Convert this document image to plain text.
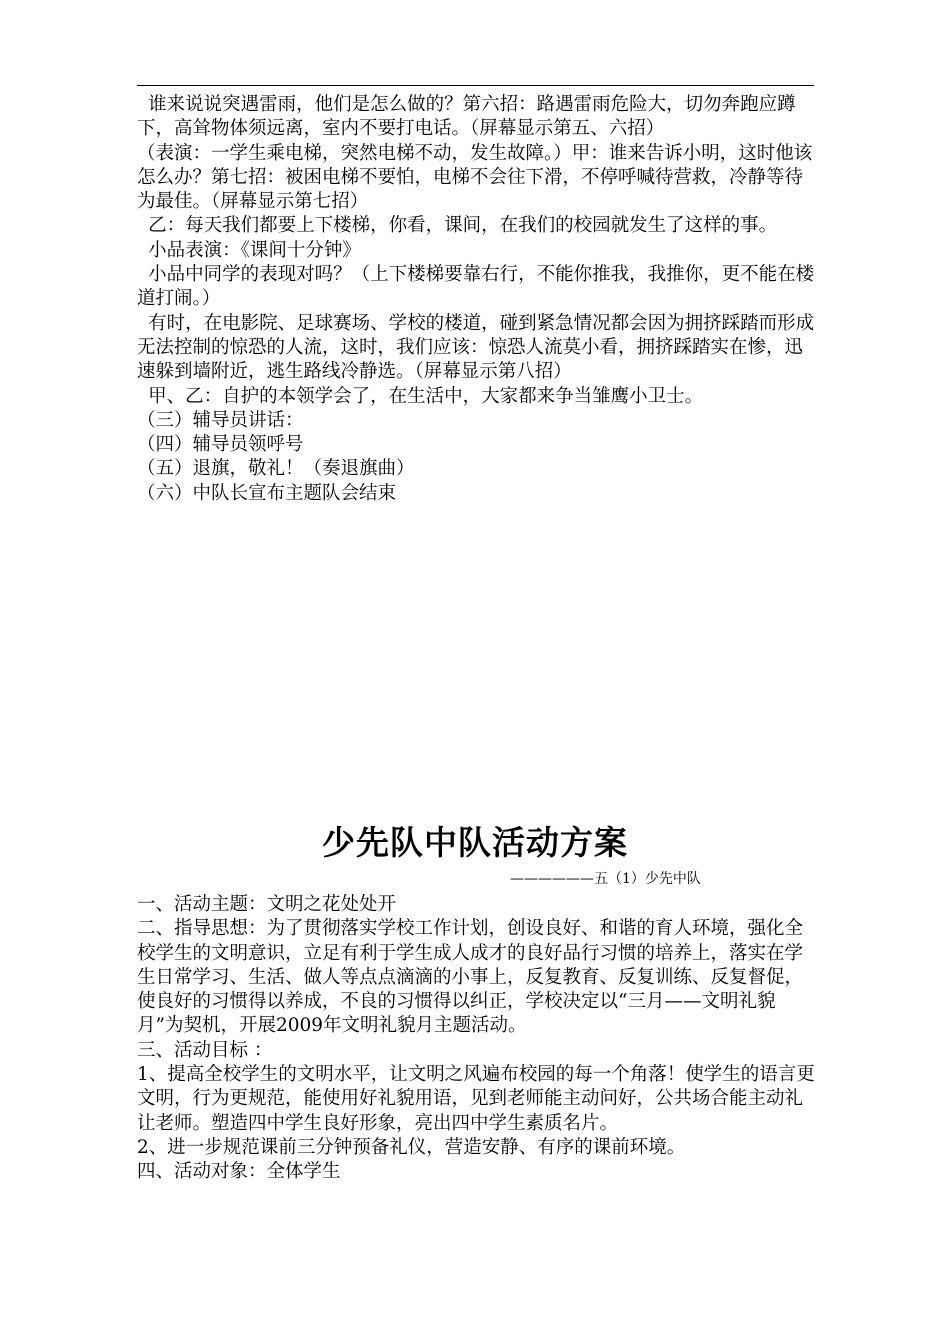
谁来说说突遇雷雨，他们是怎么做的？第六招：路遇雷雨危险大，切勿奔跑应蹲下，高耸物体须远离，室内不要打电话。（屏幕显示第五、六招）

（表演：一学生乘电梯，突然电梯不动，发生故障。）甲：谁来告诉小明，这时他该怎么办？第七招：被困电梯不要怕，电梯不会往下滑，不停呼喊待营救，冷静等待为最佳。（屏幕显示第七招）

乙：每天我们都要上下楼梯，你看，课间，在我们的校园就发生了这样的事。

小品表演：《课间十分钟》

小品中同学的表现对吗？（上下楼梯要靠右行，不能你推我，我推你，更不能在楼道打闹。）

有时，在电影院、足球赛场、学校的楼道，碰到紧急情况都会因为拥挤踩踏而形成无法控制的惊恐的人流，这时，我们应该：惊恐人流莫小看，拥挤踩踏实在惨，迅速躲到墙附近，逃生路线冷静选。（屏幕显示第八招）

甲、乙：自护的本领学会了，在生活中，大家都来争当雏鹰小卫士。

（三）辅导员讲话：

（四）辅导员领呼号

（五）退旗，敬礼！（奏退旗曲）

（六）中队长宣布主题队会结束

少先队中队活动方案
——————五（1）少先中队

一、活动主题：文明之花处处开

二、指导思想：为了贯彻落实学校工作计划，创设良好、和谐的育人环境，强化全校学生的文明意识，立足有利于学生成人成才的良好品行习惯的培养上，落实在学生日常学习、生活、做人等点点滴滴的小事上，反复教育、反复训练、反复督促，使良好的习惯得以养成，不良的习惯得以纠正，学校决定以“三月——文明礼貌月”为契机，开展2009年文明礼貌月主题活动。

三、活动目标 ：

1、提高全校学生的文明水平，让文明之风遍布校园的每一个角落！使学生的语言更文明，行为更规范，能使用好礼貌用语，见到老师能主动问好，公共场合能主动礼让老师。塑造四中学生良好形象，亮出四中学生素质名片。

2、进一步规范课前三分钟预备礼仪，营造安静、有序的课前环境。

四、活动对象：全体学生
